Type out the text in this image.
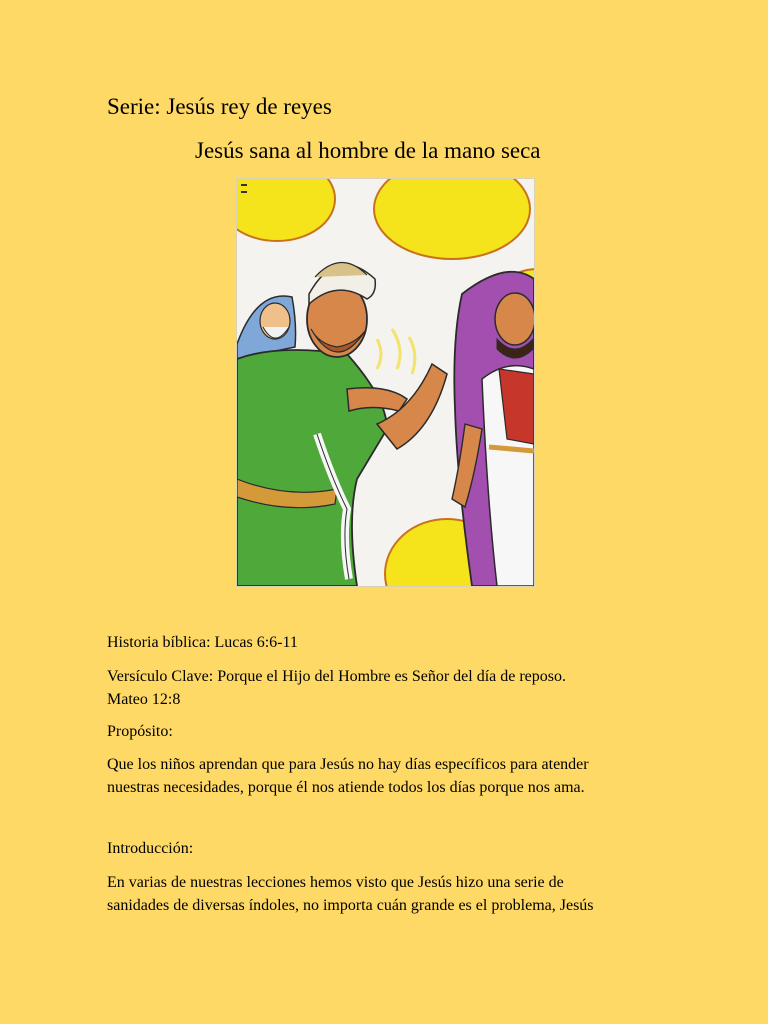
Serie: Jesús rey de reyes
Jesús sana al hombre de la mano seca
Historia bíblica: Lucas 6:6-11
Versículo Clave: Porque el Hijo del Hombre es Señor del día de reposo.
Mateo 12:8
Propósito:
Que los niños aprendan que para Jesús no hay días específicos para atender
nuestras necesidades, porque él nos atiende todos los días porque nos ama.
Introducción:
En varias de nuestras lecciones hemos visto que Jesús hizo una serie de
sanidades de diversas índoles, no importa cuán grande es el problema, Jesús
